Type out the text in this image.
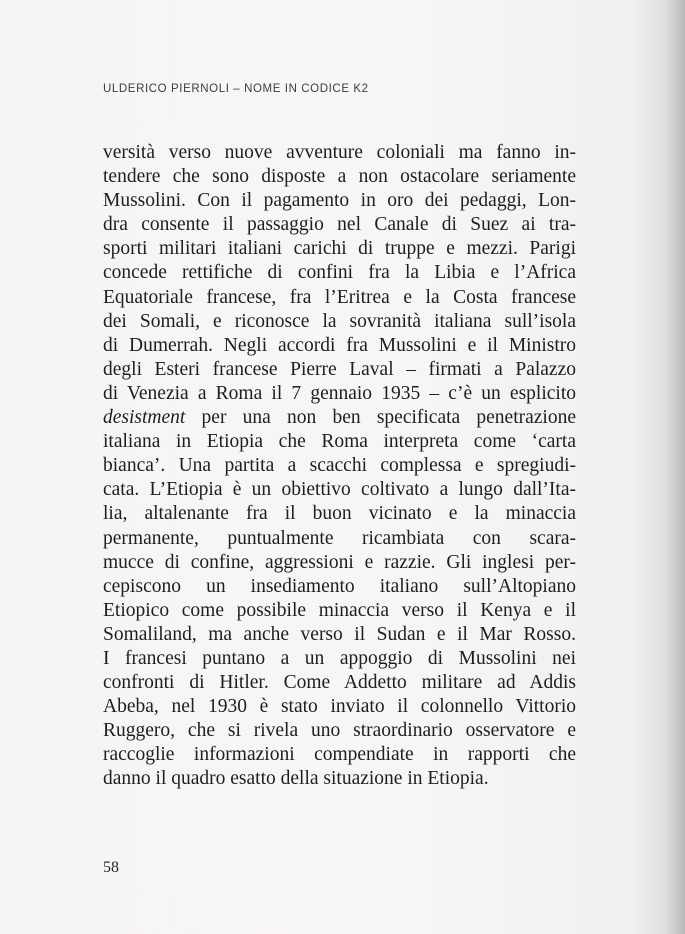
ULDERICO PIERNOLI – NOME IN CODICE K2
versità verso nuove avventure coloniali ma fanno in-
tendere che sono disposte a non ostacolare seriamente
Mussolini. Con il pagamento in oro dei pedaggi, Lon-
dra consente il passaggio nel Canale di Suez ai tra-
sporti militari italiani carichi di truppe e mezzi. Parigi
concede rettifiche di confini fra la Libia e l’Africa
Equatoriale francese, fra l’Eritrea e la Costa francese
dei Somali, e riconosce la sovranità italiana sull’isola
di Dumerrah. Negli accordi fra Mussolini e il Ministro
degli Esteri francese Pierre Laval – firmati a Palazzo
di Venezia a Roma il 7 gennaio 1935 – c’è un esplicito
desistment per una non ben specificata penetrazione
italiana in Etiopia che Roma interpreta come ‘carta
bianca’. Una partita a scacchi complessa e spregiudi-
cata. L’Etiopia è un obiettivo coltivato a lungo dall’Ita-
lia, altalenante fra il buon vicinato e la minaccia
permanente, puntualmente ricambiata con scara-
mucce di confine, aggressioni e razzie. Gli inglesi per-
cepiscono un insediamento italiano sull’Altopiano
Etiopico come possibile minaccia verso il Kenya e il
Somaliland, ma anche verso il Sudan e il Mar Rosso.
I francesi puntano a un appoggio di Mussolini nei
confronti di Hitler. Come Addetto militare ad Addis
Abeba, nel 1930 è stato inviato il colonnello Vittorio
Ruggero, che si rivela uno straordinario osservatore e
raccoglie informazioni compendiate in rapporti che
danno il quadro esatto della situazione in Etiopia.
58
